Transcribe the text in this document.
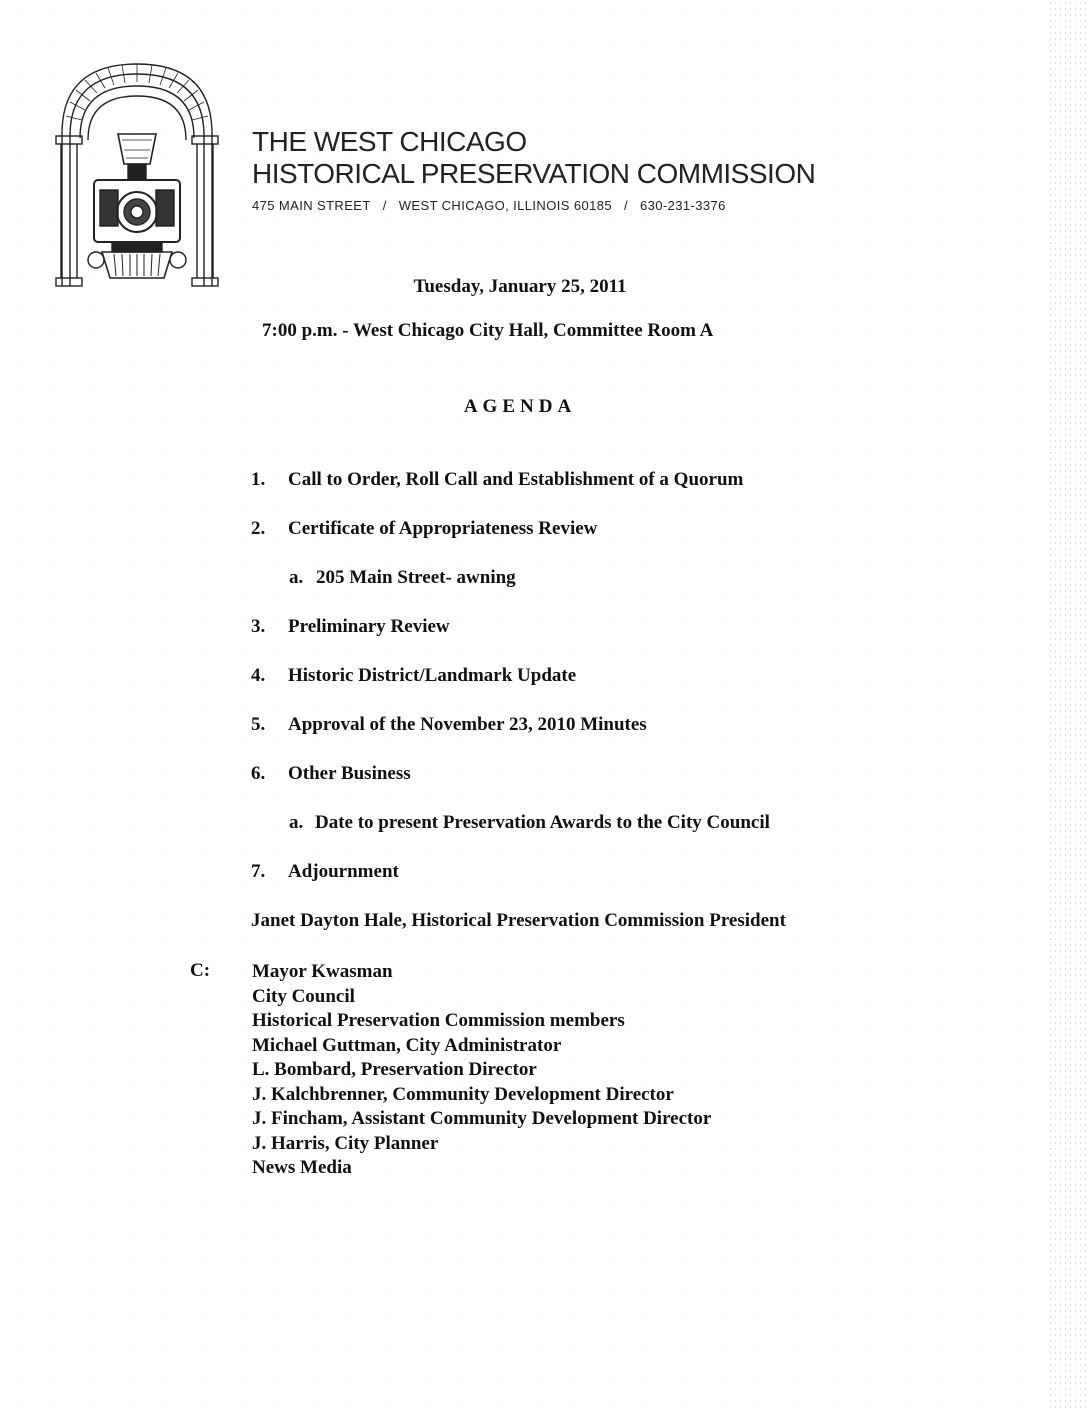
THE WEST CHICAGO
HISTORICAL PRESERVATION COMMISSION
475 MAIN STREET / WEST CHICAGO, ILLINOIS 60185 / 630-231-3376
Tuesday, January 25, 2011
7:00 p.m. - West Chicago City Hall, Committee Room A
AGENDA
1. Call to Order, Roll Call and Establishment of a Quorum
2. Certificate of Appropriateness Review
a. 205 Main Street- awning
3. Preliminary Review
4. Historic District/Landmark Update
5. Approval of the November 23, 2010 Minutes
6. Other Business
a. Date to present Preservation Awards to the City Council
7. Adjournment
Janet Dayton Hale, Historical Preservation Commission President
C: Mayor Kwasman
City Council
Historical Preservation Commission members
Michael Guttman, City Administrator
L. Bombard, Preservation Director
J. Kalchbrenner, Community Development Director
J. Fincham, Assistant Community Development Director
J. Harris, City Planner
News Media
